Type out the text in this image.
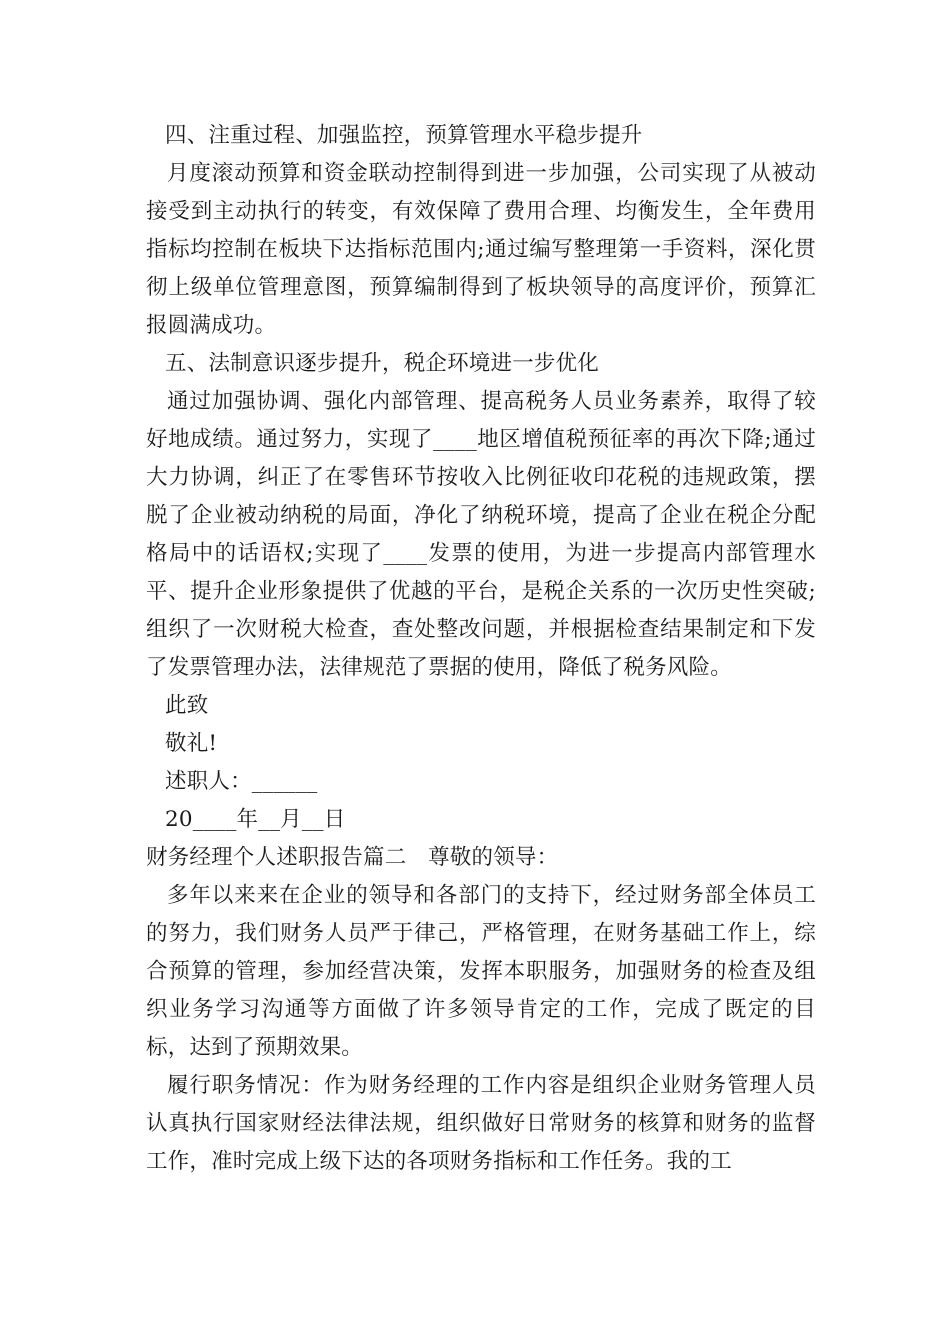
四、注重过程、加强监控，预算管理水平稳步提升

月度滚动预算和资金联动控制得到进一步加强，公司实现了从被动接受到主动执行的转变，有效保障了费用合理、均衡发生，全年费用指标均控制在板块下达指标范围内;通过编写整理第一手资料，深化贯彻上级单位管理意图，预算编制得到了板块领导的高度评价，预算汇报圆满成功。

五、法制意识逐步提升，税企环境进一步优化

通过加强协调、强化内部管理、提高税务人员业务素养，取得了较好地成绩。通过努力，实现了____地区增值税预征率的再次下降;通过大力协调，纠正了在零售环节按收入比例征收印花税的违规政策，摆脱了企业被动纳税的局面，净化了纳税环境，提高了企业在税企分配格局中的话语权;实现了____发票的使用，为进一步提高内部管理水平、提升企业形象提供了优越的平台，是税企关系的一次历史性突破;组织了一次财税大检查，查处整改问题，并根据检查结果制定和下发了发票管理办法，法律规范了票据的使用，降低了税务风险。

此致

敬礼!

述职人：______

20____年__月__日

财务经理个人述职报告篇二　尊敬的领导：

多年以来来在企业的领导和各部门的支持下，经过财务部全体员工的努力，我们财务人员严于律己，严格管理，在财务基础工作上，综合预算的管理，参加经营决策，发挥本职服务，加强财务的检查及组织业务学习沟通等方面做了许多领导肯定的工作，完成了既定的目标，达到了预期效果。

履行职务情况：作为财务经理的工作内容是组织企业财务管理人员认真执行国家财经法律法规，组织做好日常财务的核算和财务的监督工作，准时完成上级下达的各项财务指标和工作任务。我的工
